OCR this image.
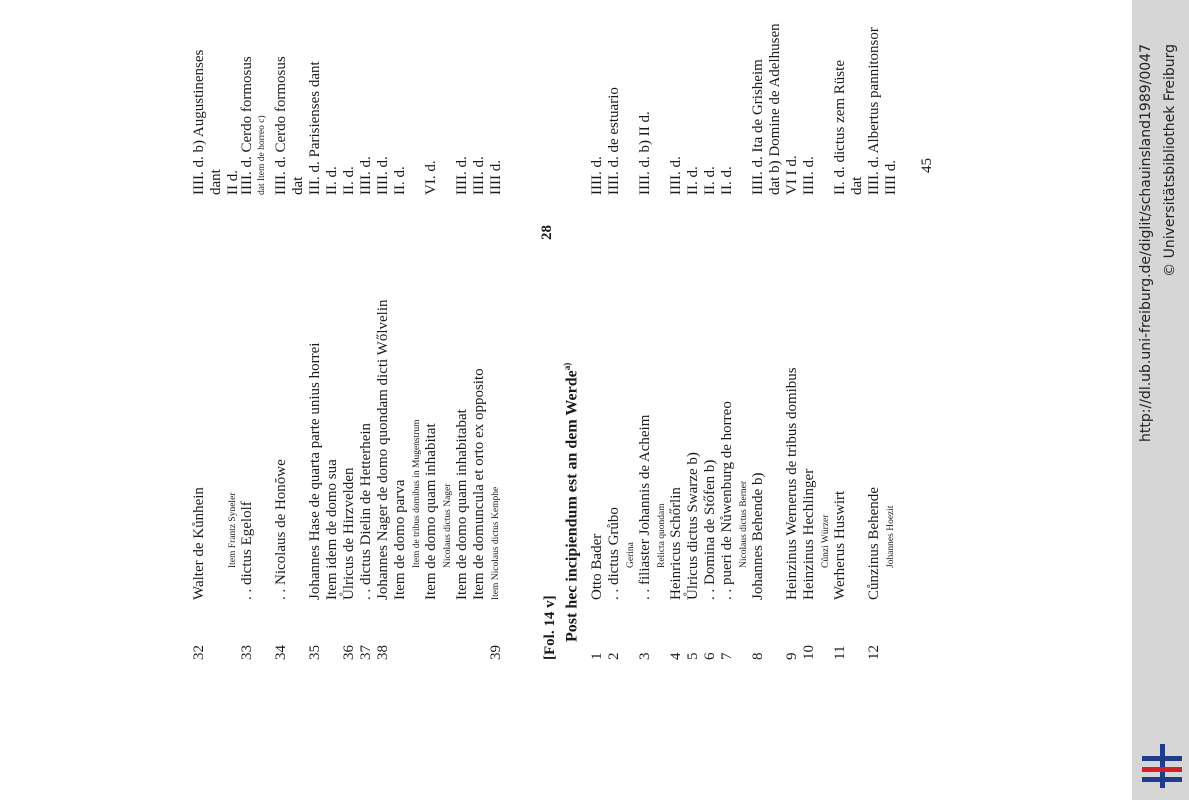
32
Walter de Kůnhein
IIII. d. b) Augustinenses dant
Item Frantz Syneler
II d.
33
. . dictus Egelolf
IIII. d. Cerdo formosus dat Item de horreo c)
34
. . Nicolaus de Honŏwe
IIII. d. Cerdo formosus dat
35
Johannes Hase de quarta parte unius horrei
III. d. Parisienses dant
Item idem de domo sua
II. d.
36
Ůlricus de Hirzvelden
II. d.
37
. . dictus Dielin de Hetterhein
IIII. d.
38
Johannes Nager de domo quondam dicti Wőlvelin
IIII. d.
Item de domo parva
II. d.
Item de tribus domibus in Mugenstrum Item de domo quam inhabitat
VI. d.
Nicolaus dictus Nager Item de domo quam inhabitabat
IIII. d.
Item de domuncula et orto ex opposito
IIII. d.
39
Item Nicolaus dictus Kemphe
IIII d.
28
[Fol. 14 v] Post hec incipiendum est an dem Werde$^{a)}$
1
Otto Bader
IIII. d.
2
. . dictus Grůbo
IIII. d. de estuario
Gerina
3
. . filiaster Johannis de Acheim
IIII. d. b) II d.
Relicta quondam
4
Heinricus Schőrlin
IIII. d.
5
Ůlricus dictus Swarze b)
II. d.
6
. . Domina de Stőfen b)
II. d.
7
. . pueri de Nůwenburg de horreo
II. d.
Nicolaus dictus Berner
8
Johannes Behende b)
IIII. d. Ita de Grisheim dat b) Domine de Adelhusen
9
Heinzinus Wernerus de tribus domibus
VI I d.
10
Heinzinus Hechlinger
IIII. d.
Cůnzi Würzer
11
Werherus Huswirt
II. d. dictus zem Rüste dat
12
Cůnzinus Behende
IIII. d. Albertus pannitonsor
Johannes Hoezit
IIII d. 45	http://dl.ub.uni-freiburg.de/diglit/schauinsland1989/0047 © Universitätsbibliothek Freiburg
